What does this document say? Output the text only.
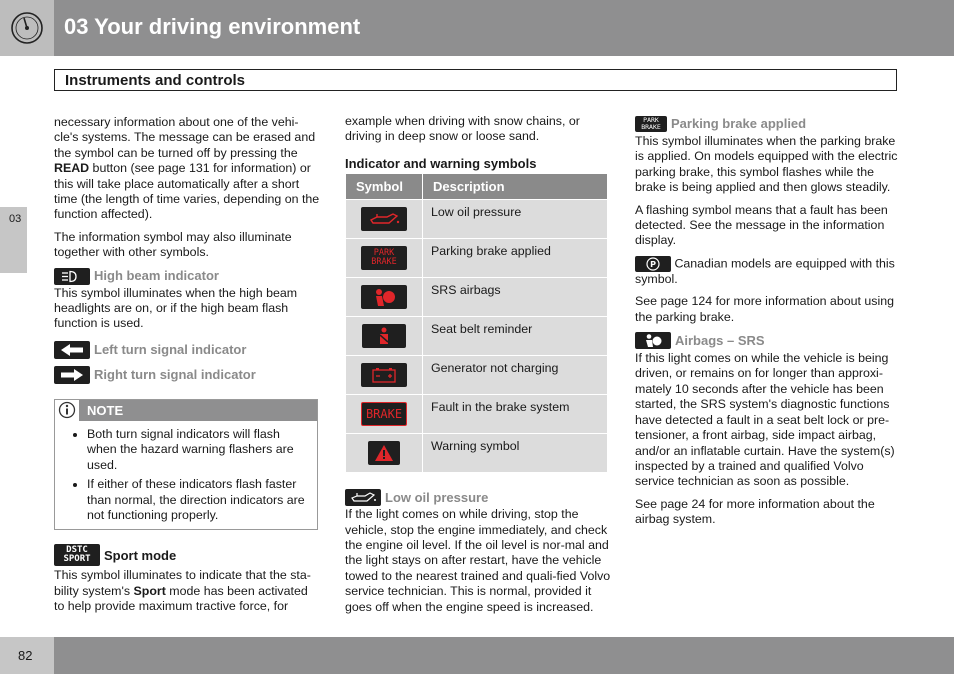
03 Your driving environment
Instruments and controls
03

necessary information about one of the vehi-cle's systems. The message can be erased and the symbol can be turned off by pressing the READ button (see page 131 for information) or this will take place automatically after a short time (the length of time varies, depending on the function affected).

The information symbol may also illuminate together with other symbols.

High beam indicator

This symbol illuminates when the high beam headlights are on, or if the high beam flash function is used.

Left turn signal indicator
Right turn signal indicator
NOTE
• Both turn signal indicators will flash when the hazard warning flashers are used.
• If either of these indicators flash faster than normal, the direction indicators are not functioning properly.
DSTC
SPORT Sport mode

This symbol illuminates to indicate that the sta-bility system's Sport mode has been activated to help provide maximum tractive force, for

example when driving with snow chains, or driving in deep snow or loose sand.

Indicator and warning symbols
Symbol	Description

	Low oil pressure

PARK
BRAKE	Parking brake applied

	SRS airbags

	Seat belt reminder

	Generator not charging

BRAKE	Fault in the brake system

	Warning symbol
Low oil pressure

If the light comes on while driving, stop the vehicle, stop the engine immediately, and check the engine oil level. If the oil level is nor-mal and the light stays on after restart, have the vehicle towed to the nearest trained and quali-fied Volvo service technician. This is normal, provided it goes off when the engine speed is increased.

PARK
BRAKE Parking brake applied

This symbol illuminates when the parking brake is applied. On models equipped with the electric parking brake, this symbol flashes while the brake is being applied and then glows steadily.

A flashing symbol means that a fault has been detected. See the message in the information display.

P Canadian models are equipped with this symbol.

See page 124 for more information about using the parking brake.

Airbags – SRS

If this light comes on while the vehicle is being driven, or remains on for longer than approxi-mately 10 seconds after the vehicle has been started, the SRS system's diagnostic functions have detected a fault in a seat belt lock or pre-tensioner, a front airbag, side impact airbag, and/or an inflatable curtain. Have the system(s) inspected by a trained and qualified Volvo service technician as soon as possible.

See page 24 for more information about the airbag system.

82
